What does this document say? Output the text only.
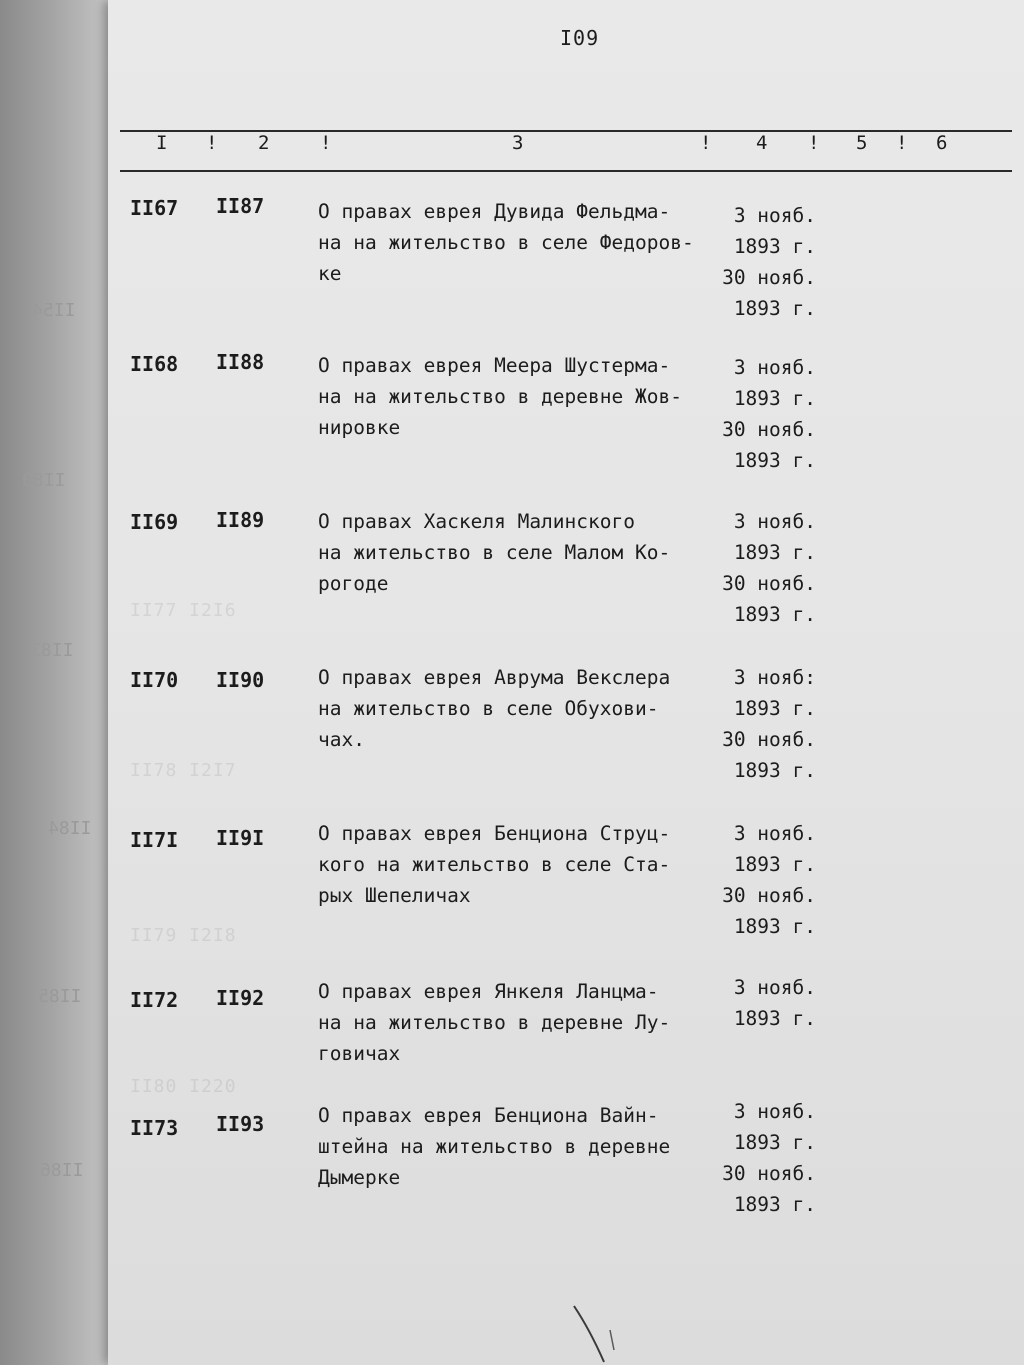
II54
II80
II83
II84
II85
II86
II77 I2I6
II78 I2I7
II79 I2I8
II80 I220
I09
I ! 2	!	3	! 4 ! 5 ! 6
II67 II87	О правах еврея Дувида Фельдма-
на на жительство в селе Федоров-
ке
3 нояб.
1893 г.
30 нояб.
1893 г.
II68 II88	О правах еврея Меера Шустерма-
на на жительство в деревне Жов-
нировке
3 нояб.
1893 г.
30 нояб.
1893 г.
II69 II89	О правах Хаскеля Малинского
на жительство в селе Малом Ко-
рогоде
3 нояб.
1893 г.
30 нояб.
1893 г.
II70 II90	О правах еврея Аврума Векслера
на жительство в селе Обухови-
чах.
3 нояб:
1893 г.
30 нояб.
1893 г.
II7I II9I	О правах еврея Бенциона Струц-
кого на жительство в селе Ста-
рых Шепеличах
3 нояб.
1893 г.
30 нояб.
1893 г.
II72 II92	О правах еврея Янкеля Ланцма-
на на жительство в деревне Лу-
говичах
3 нояб.
1893 г.
II73 II93	О правах еврея Бенциона Вайн-
штейна на жительство в деревне
Дымерке
3 нояб.
1893 г.
30 нояб.
1893 г.
